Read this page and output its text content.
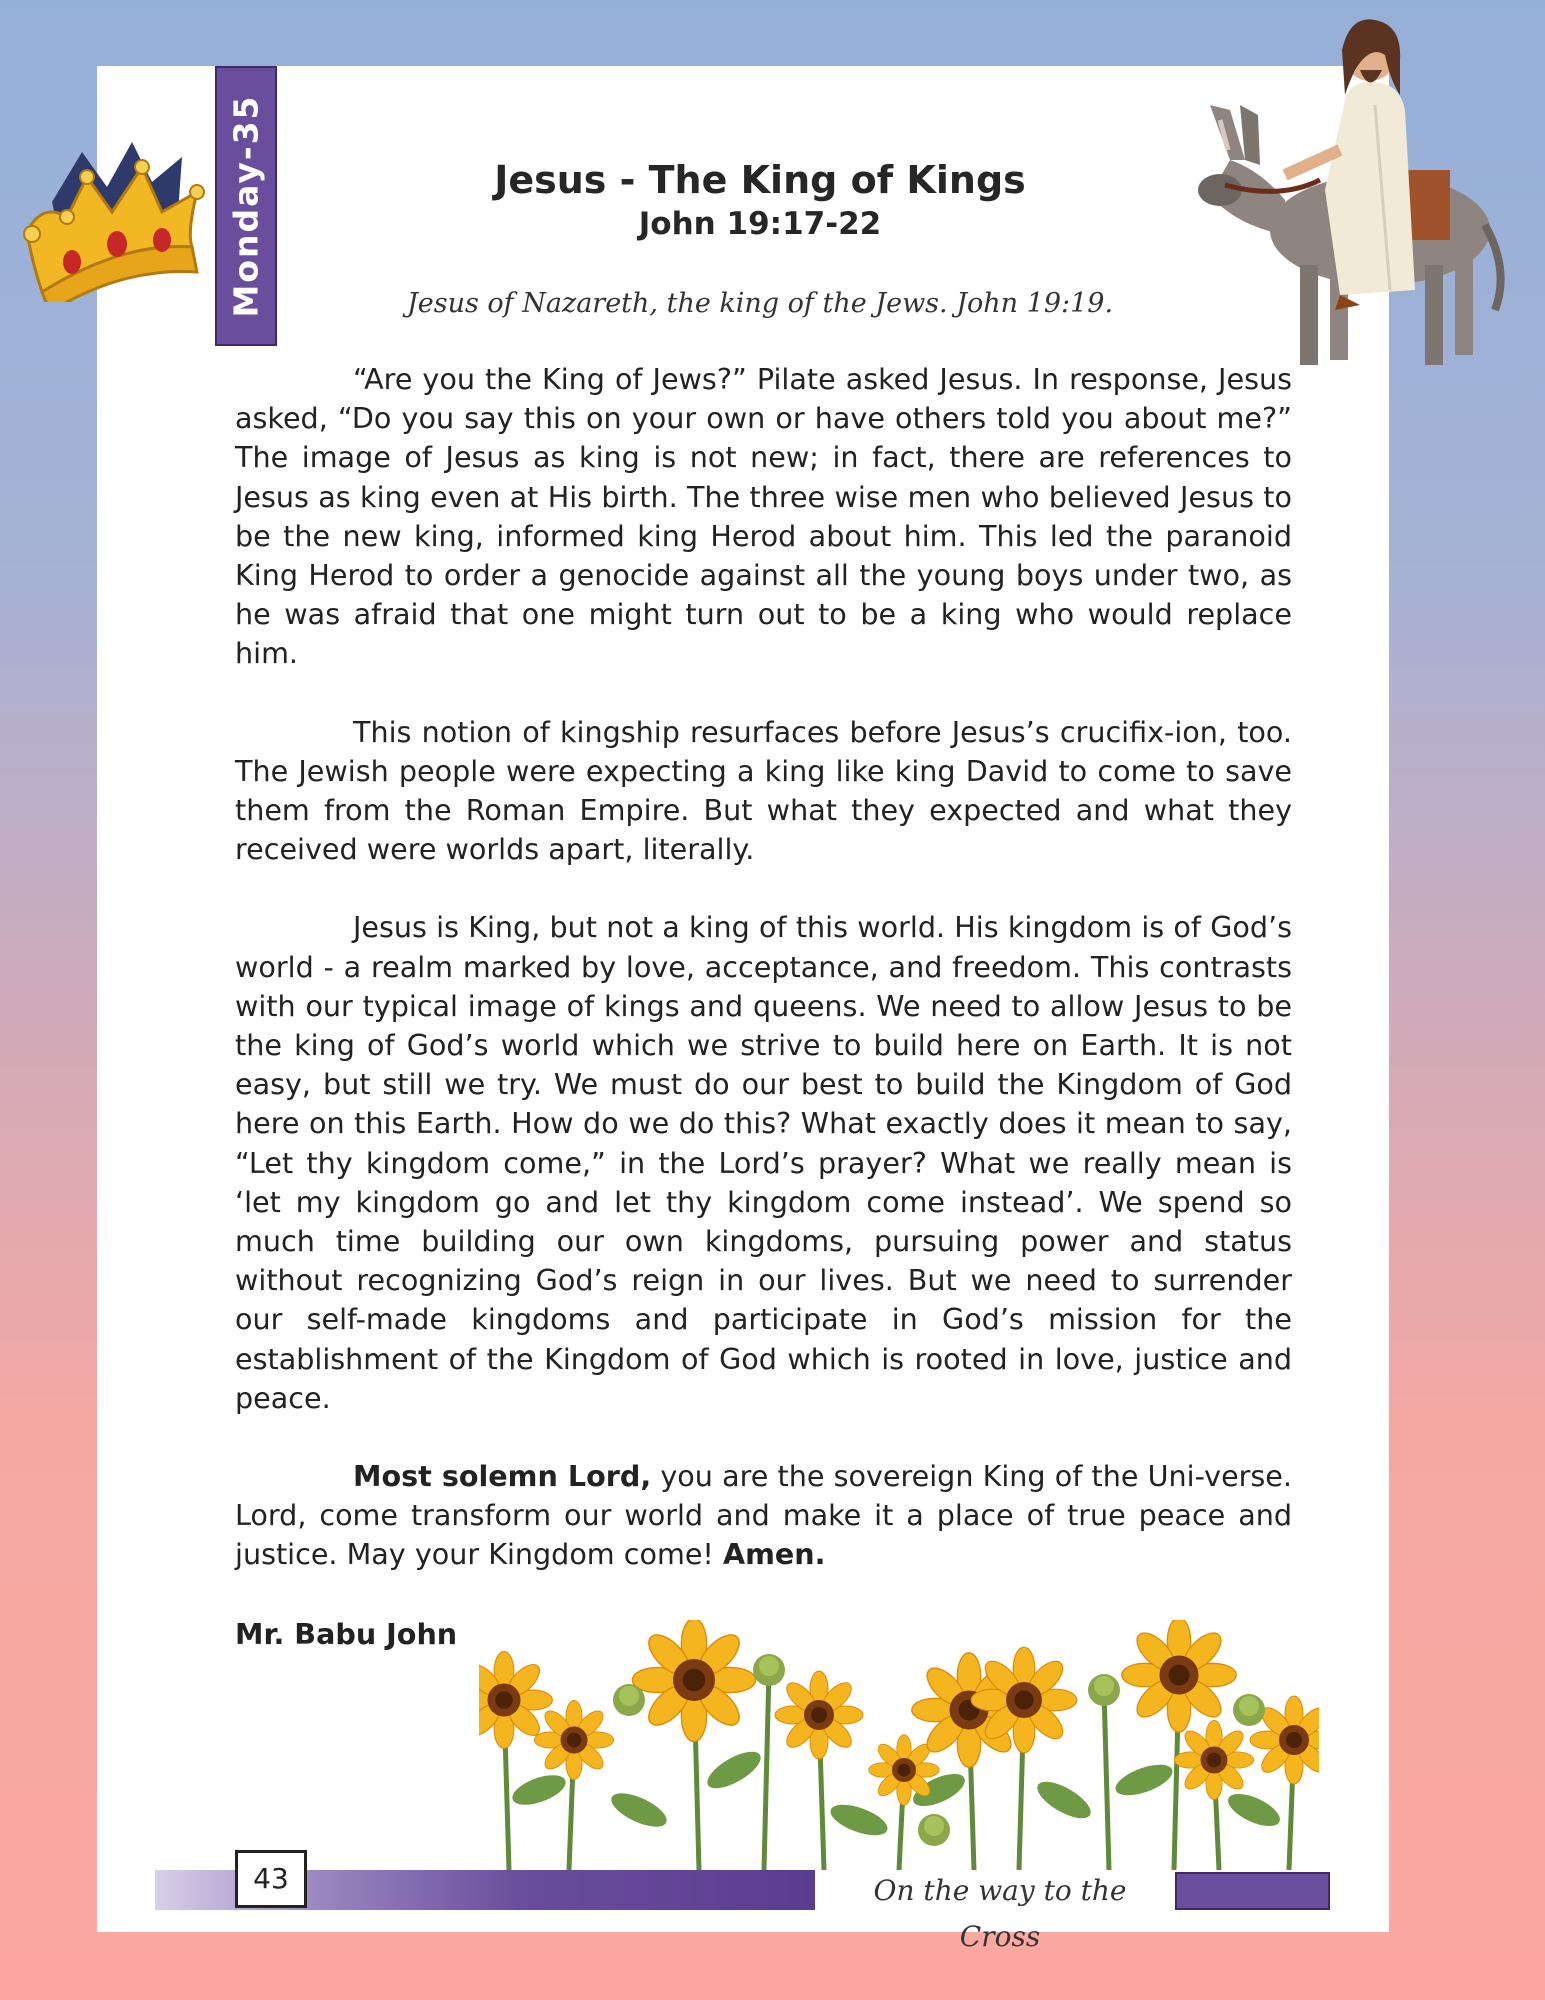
Monday-35	Jesus - The King of Kings
John 19:17-22
Jesus of Nazareth, the king of the Jews. John 19:19.

“Are you the King of Jews?” Pilate asked Jesus. In response, Jesus asked, “Do you say this on your own or have others told you about me?” The image of Jesus as king is not new; in fact, there are references to Jesus as king even at His birth. The three wise men who believed Jesus to be the new king, informed king Herod about him. This led the paranoid King Herod to order a genocide against all the young boys under two, as he was afraid that one might turn out to be a king who would replace him.

This notion of kingship resurfaces before Jesus’s crucifix-ion, too. The Jewish people were expecting a king like king David to come to save them from the Roman Empire. But what they expected and what they received were worlds apart, literally.

Jesus is King, but not a king of this world. His kingdom is of God’s world - a realm marked by love, acceptance, and freedom. This contrasts with our typical image of kings and queens. We need to allow Jesus to be the king of God’s world which we strive to build here on Earth. It is not easy, but still we try. We must do our best to build the Kingdom of God here on this Earth. How do we do this? What exactly does it mean to say, “Let thy kingdom come,” in the Lord’s prayer? What we really mean is ‘let my kingdom go and let thy kingdom come instead’. We spend so much time building our own kingdoms, pursuing power and status without recognizing God’s reign in our lives. But we need to surrender our self-made kingdoms and participate in God’s mission for the establishment of the Kingdom of God which is rooted in love, justice and peace.

Most solemn Lord, you are the sovereign King of the Uni-verse. Lord, come transform our world and make it a place of true peace and justice. May your Kingdom come! Amen.

Mr. Babu John
43	On the way to the Cross
